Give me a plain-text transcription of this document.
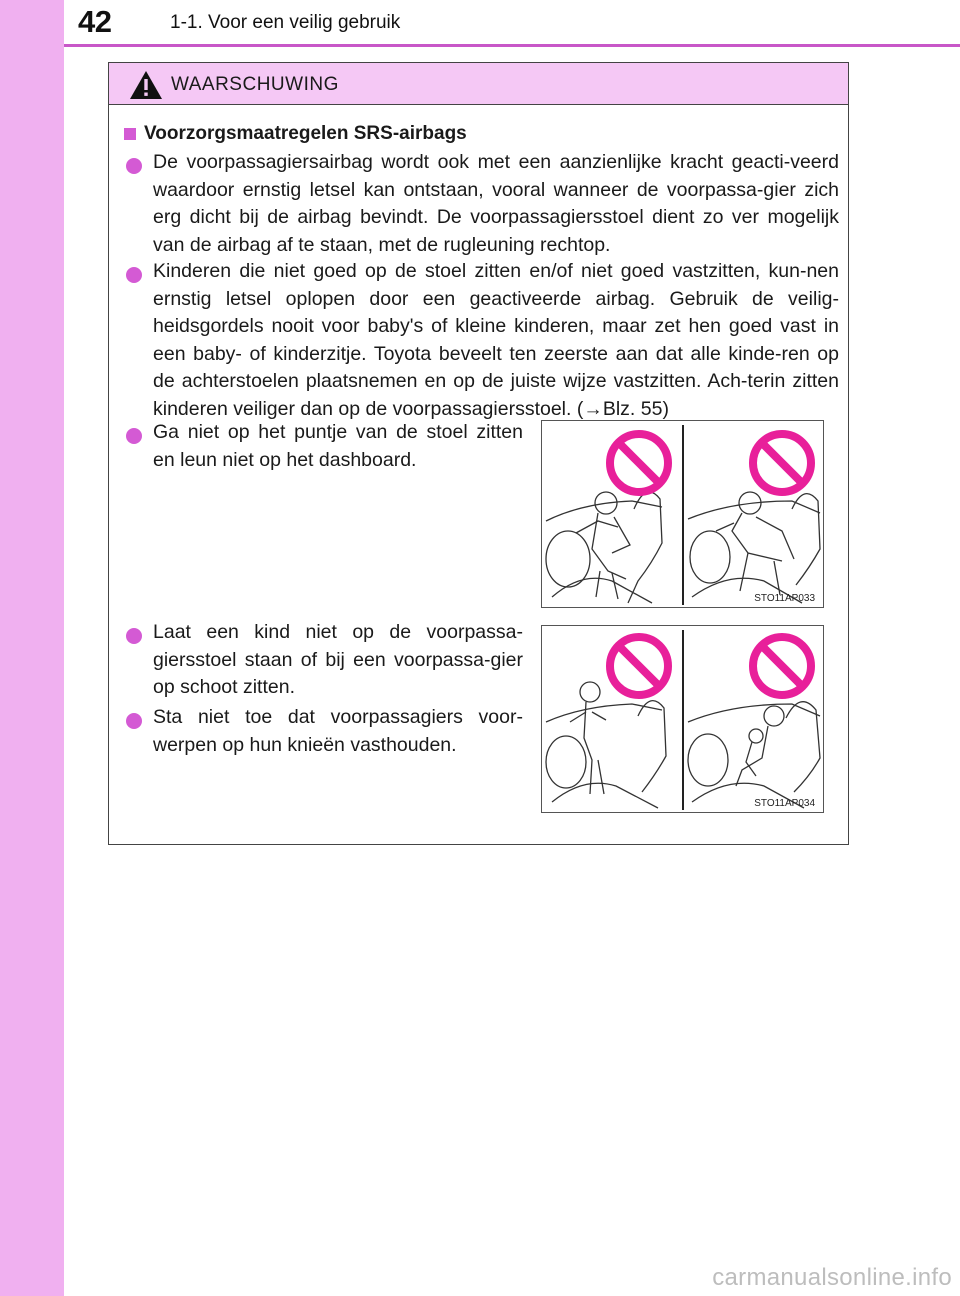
42	1-1. Voor een veilig gebruik
WAARSCHUWING
Voorzorgsmaatregelen SRS-airbags
De voorpassagiersairbag wordt ook met een aanzienlijke kracht geacti-veerd waardoor ernstig letsel kan ontstaan, vooral wanneer de voorpassa-gier zich erg dicht bij de airbag bevindt. De voorpassagiersstoel dient zo ver mogelijk van de airbag af te staan, met de rugleuning rechtop.
Kinderen die niet goed op de stoel zitten en/of niet goed vastzitten, kun-nen ernstig letsel oplopen door een geactiveerde airbag. Gebruik de veilig-heidsgordels nooit voor baby's of kleine kinderen, maar zet hen goed vast in een baby- of kinderzitje. Toyota beveelt ten zeerste aan dat alle kinde-ren op de achterstoelen plaatsnemen en op de juiste wijze vastzitten. Ach-terin zitten kinderen veiliger dan op de voorpassagiersstoel. (→Blz. 55)
Ga niet op het puntje van de stoel zitten en leun niet op het dashboard.
STO11AP033
Laat een kind niet op de voorpassa-giersstoel staan of bij een voorpassa-gier op schoot zitten.
Sta niet toe dat voorpassagiers voor-werpen op hun knieën vasthouden.
STO11AP034
carmanualsonline.info
